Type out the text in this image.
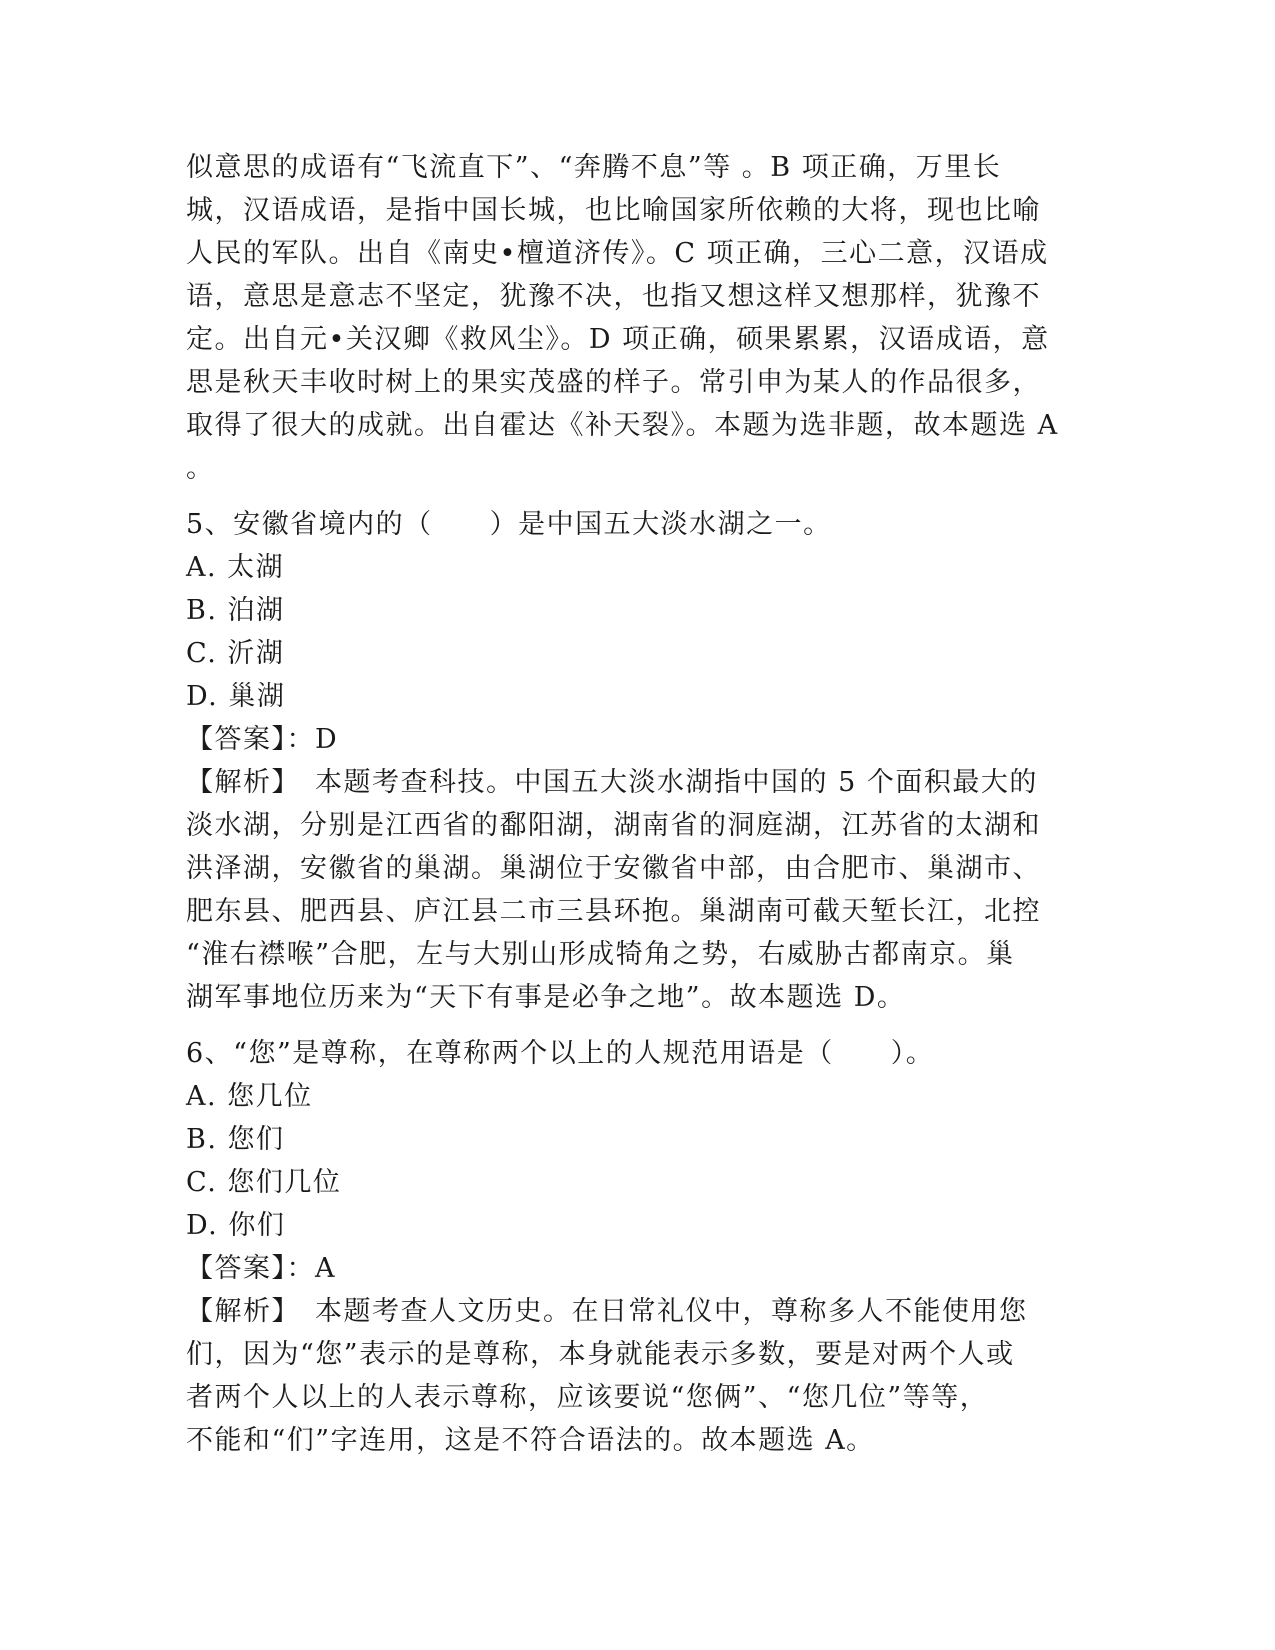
似意思的成语有“飞流直下”、“奔腾不息”等 。B 项正确，万里长
城，汉语成语，是指中国长城，也比喻国家所依赖的大将，现也比喻
人民的军队。出自《南史•檀道济传》。C 项正确，三心二意，汉语成
语，意思是意志不坚定，犹豫不决，也指又想这样又想那样，犹豫不
定。出自元•关汉卿《救风尘》。D 项正确，硕果累累，汉语成语，意
思是秋天丰收时树上的果实茂盛的样子。常引申为某人的作品很多，
取得了很大的成就。出自霍达《补天裂》。本题为选非题，故本题选 A
。
5、安徽省境内的（　　）是中国五大淡水湖之一。
A. 太湖
B. 泊湖
C. 沂湖
D. 巢湖
【答案】：D
【解析】　本题考查科技。中国五大淡水湖指中国的 5 个面积最大的
淡水湖，分别是江西省的鄱阳湖，湖南省的洞庭湖，江苏省的太湖和
洪泽湖，安徽省的巢湖。巢湖位于安徽省中部，由合肥市、巢湖市、
肥东县、肥西县、庐江县二市三县环抱。巢湖南可截天堑长江，北控
“淮右襟喉”合肥，左与大别山形成犄角之势，右威胁古都南京。巢
湖军事地位历来为“天下有事是必争之地”。故本题选 D。
6、“您”是尊称，在尊称两个以上的人规范用语是（　　）。
A. 您几位
B. 您们
C. 您们几位
D. 你们
【答案】：A
【解析】　本题考查人文历史。在日常礼仪中，尊称多人不能使用您
们，因为“您”表示的是尊称，本身就能表示多数，要是对两个人或
者两个人以上的人表示尊称，应该要说“您俩”、“您几位”等等，
不能和“们”字连用，这是不符合语法的。故本题选 A。
